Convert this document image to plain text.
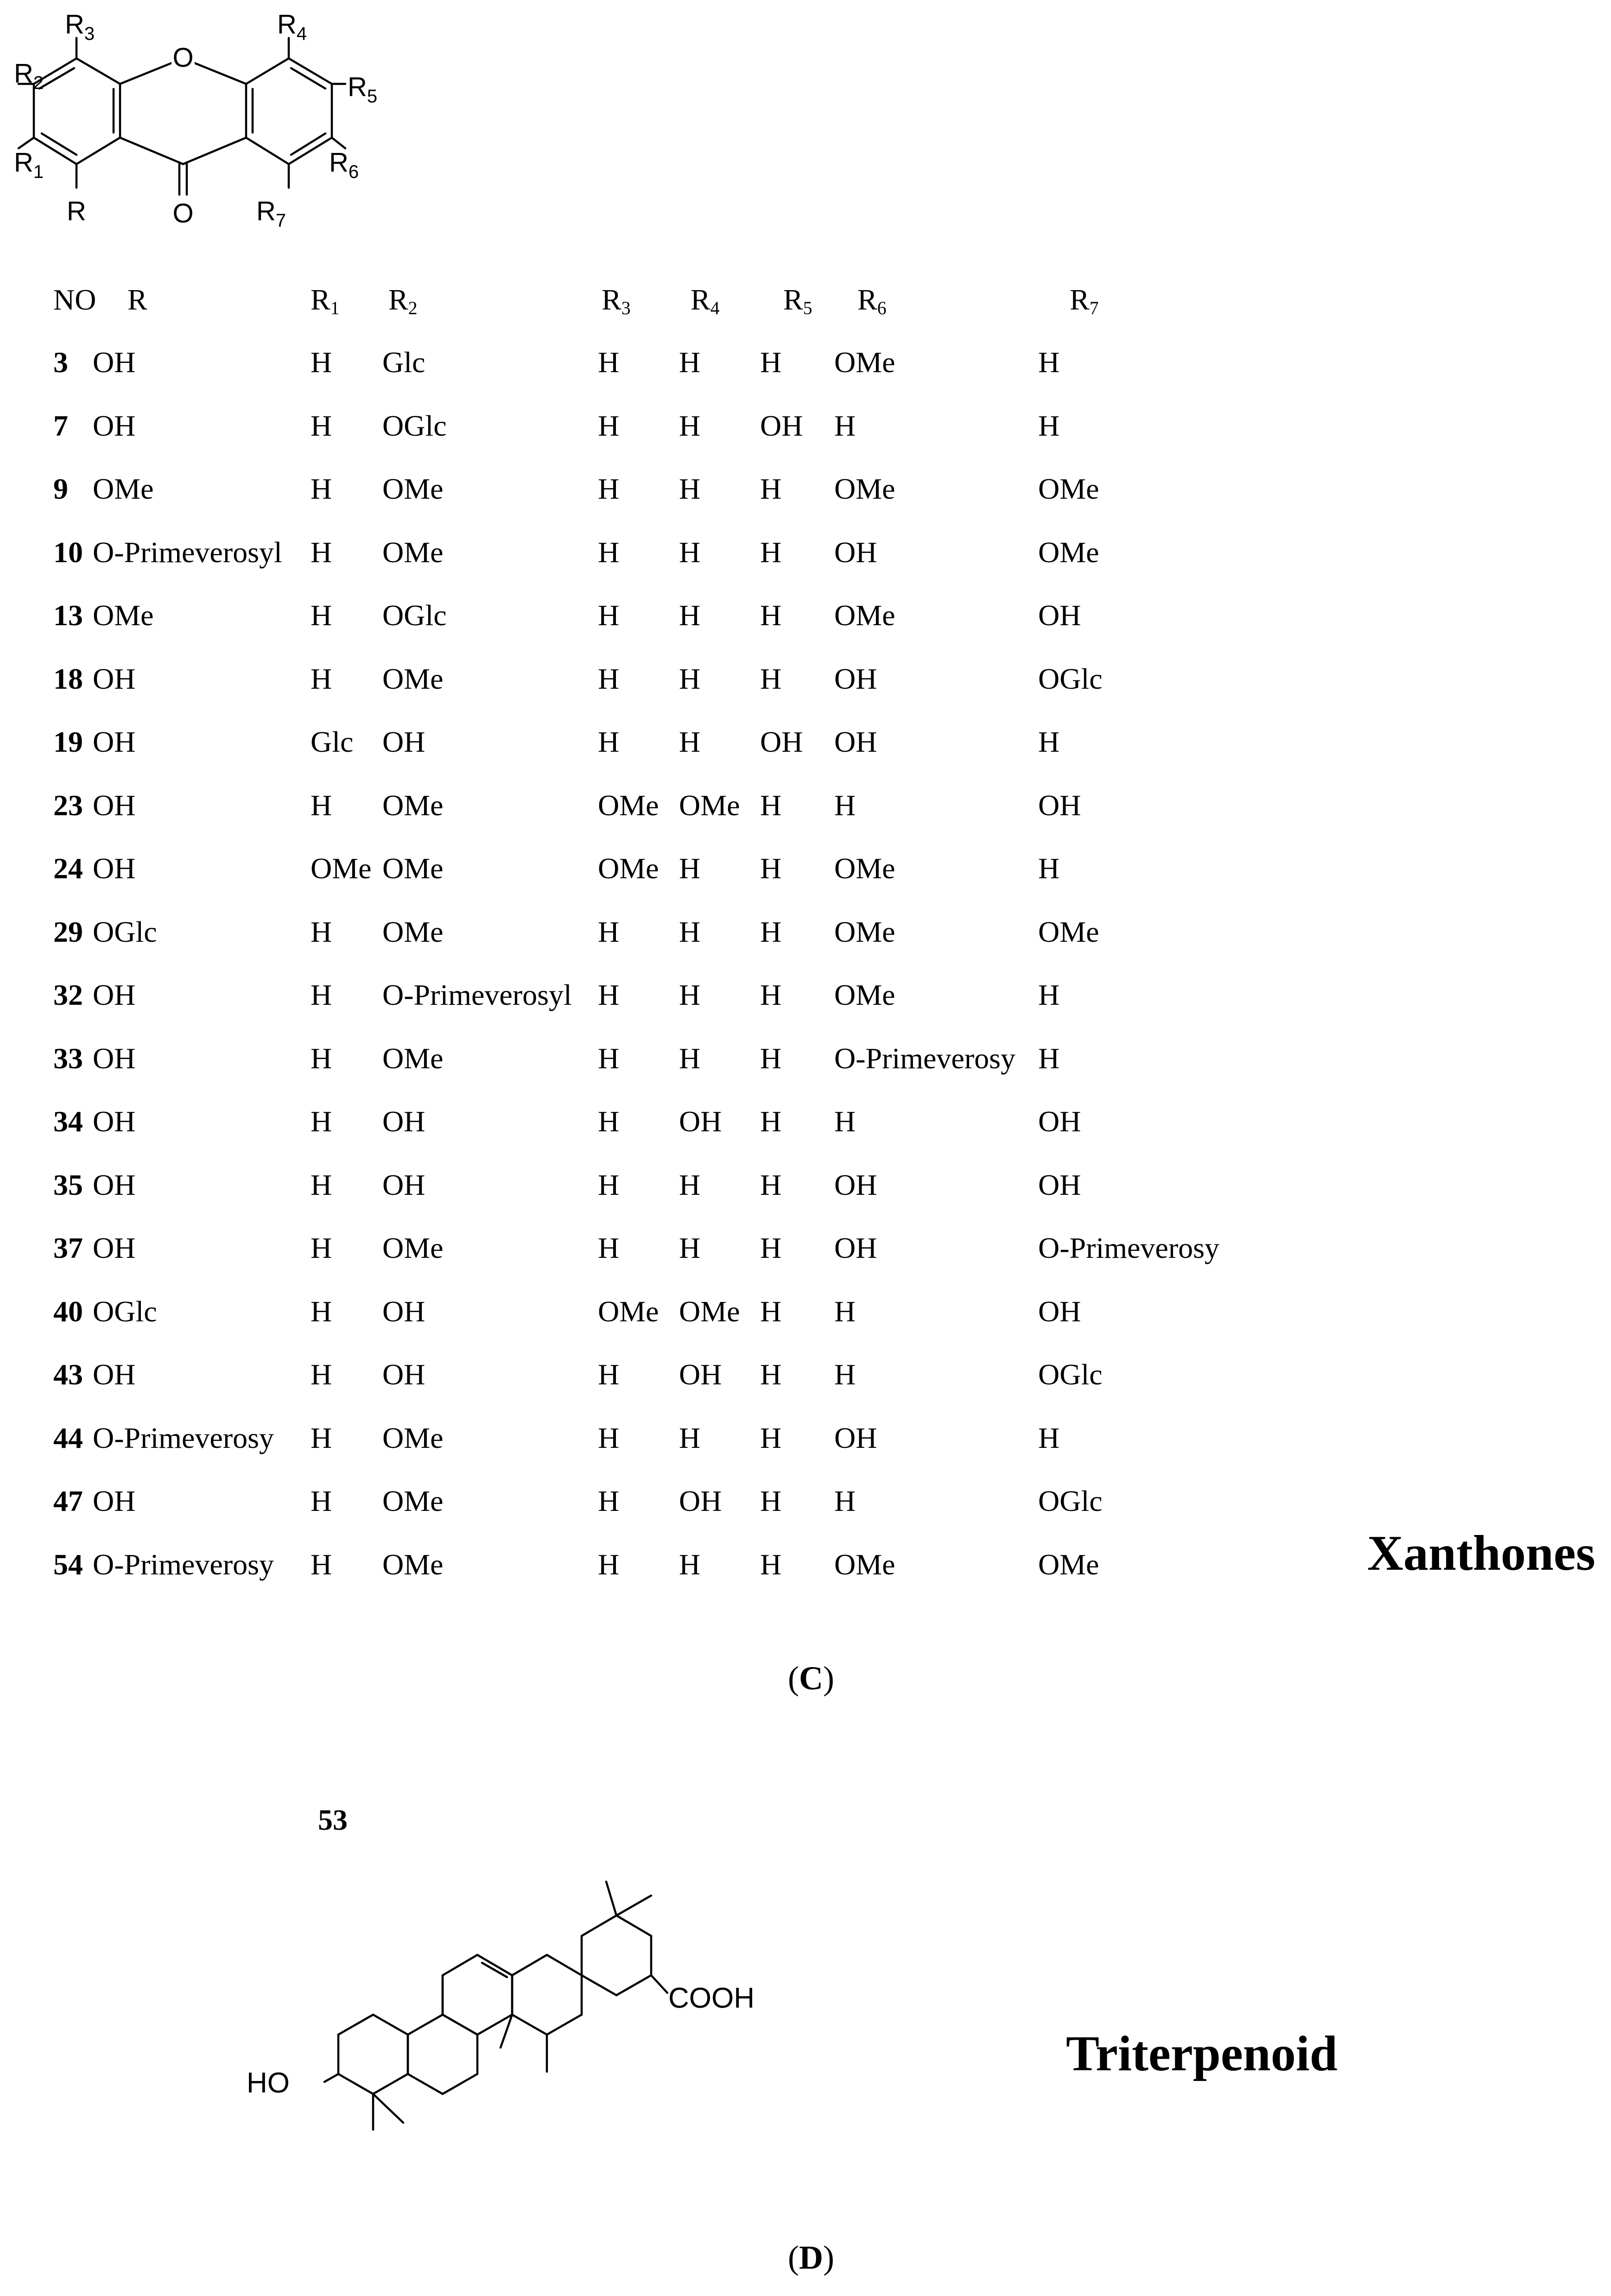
O
O
$R_3$	$R_4$
$R_2$	$R_5$
$R_1$	$R_6$
R	$R_7$
NO R	$R_1$ $R_2$	$R_3$ $R_4$ $R_5$ $R_6$	$R_7$
3 OH	H Glc	H H H OMe	H
7 OH	H OGlc	H H OH H	H
9 OMe	H OMe	H H H OMe	OMe
10 O-Primeverosyl H OMe	H H H OH	OMe
13 OMe	H OGlc	H H H OMe	OH
18 OH	H OMe	H H H OH	OGlc
19 OH	Glc OH	H H OH OH	H
23 OH	H OMe	OMe OMe H H	OH
24 OH	OMe OMe	OMe H H OMe	H
29 OGlc	H OMe	H H H OMe	OMe
32 OH	H O-Primeverosyl H H H OMe	H
33 OH	H OMe	H H H O-Primeverosy H
34 OH	H OH	H OH H H	OH
35 OH	H OH	H H H OH	OH
37 OH	H OMe	H H H OH	O-Primeverosy
40 OGlc	H OH	OMe OMe H H	OH
43 OH	H OH	H OH H H	OGlc
44 O-Primeverosy H OMe	H H H OH	H
47 OH	H OMe	H OH H H	OGlc
54 O-Primeverosy H OMe	H H H OMe	OMe	Xanthones
(C)
53
COOH
HO
Triterpenoid
(D)
